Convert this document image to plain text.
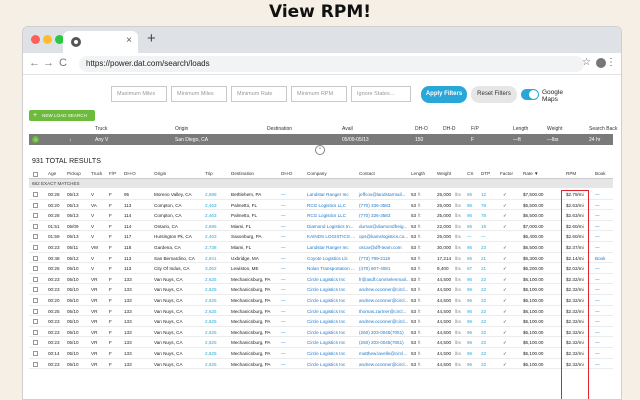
View RPM!
× +
← → C	https://power.dat.com/search/loads	☆ ⋮
Maximum Miles	Minimum Miles	Minimum Rate	Minimum RPM	Ignore States...	Apply Filters	Reset Filters	Google Maps
+ NEW LOAD SEARCH
Truck	Origin	Destination	Avail	DH-O	DH-D	F/P	Length	Weight	Search Back
3	↓	Any V	San Diego, CA	05/09-05/13	150	F	—ft	—lbs	24 hr
⌃
931 TOTAL RESULTS
Age Pickup Truck F/P DH-O	Origin	Trip	Destination	DH-D	Company	Contact	Length	Weight	CS DTP Factor Rate ▼	RPM	Book
682 EXACT MATCHES
00:28 05/13	V	F	95	Moreno Valley, CA	2,688	Bethlehem, PA	—	Landstar Ranger Inc jeffcox@landstarmail... 53 ft	25,000 lbs 95 12	✓	$7,500.00	$2.79/mi —
00:20 05/13	VA	F	113	Compton, CA	2,463	Palmetto, FL	—	RCG Logistics LLC	(770) 336-3583	53 ft	25,000 lbs 96 78	✓	$6,500.00	$2.63/mi —
00:28 05/13	V	F	114	Compton, CA	2,463	Palmetto, FL	—	RCG Logistics LLC	(770) 336-3583	53 ft	25,000 lbs 96 78	✓	$6,500.00	$2.63/mi —
01:51 05/09	V	F	114	Ontario, CA	2,695	Miami, FL	—	Diamond Logistics In... durran@diamondfreig... 53 ft	22,000 lbs 95 19	✓	$7,000.00	$2.60/mi —
01:59 05/13	V	F	117	Huntington Pk, CA	2,463	Saxonburg, PA	—	KAINDS LOGISTICS ... ops@kainslogistics.co... 53 ft	25,000 lbs — —	$6,400.00	$2.60/mi —
00:23 05/11	VM F	118	Gardena, CA	2,738	Miami, FL	—	Landstar Ranger Inc oscar@dff-team.com 53 ft	30,000 lbs 95 23	✓	$6,500.00	$2.37/mi —
00:48 05/12	V	F	113	San Bernardino, CA 2,941	Uxbridge, MA	—	Coyote Logistics Llc (773) 799-2118	53 ft	17,214 lbs 95 21	✓	$6,300.00	$2.14/mi Book
00:25 05/10	V	F	113	City Of Indus, CA	3,062	Lewiston, ME	—	Nolan Transportation ... (470) 607-4081	53 ft	9,400 lbs 97 21	✓	$6,200.00	$2.02/mi —
00:23 05/10	VR	F	133	Van Nuys, CA	2,625	Mechanicsburg, PA —	Circle Logistics Inc	fr@asdf.com/selenmail... 53 ft	44,500 lbs 96 22	✓	$6,100.00	$2.32/mi —
00:23 05/10	VR	F	133	Van Nuys, CA	2,625	Mechanicsburg, PA —	Circle Logistics Inc	andrew.oconner@circl... 53 ft	44,500 lbs 96 22	✓	$6,100.00	$2.32/mi —
00:20 05/10	VR	F	133	Van Nuys, CA	2,625	Mechanicsburg, PA —	Circle Logistics Inc	andrew.oconner@circl... 53 ft	44,500 lbs 96 22	✓	$6,100.00	$2.32/mi —
00:25 05/10	VR	F	133	Van Nuys, CA	2,625	Mechanicsburg, PA —	Circle Logistics Inc	thomas.zartner@circl... 53 ft	44,500 lbs 96 22	✓	$6,100.00	$2.32/mi —
00:23 05/10	VR	F	133	Van Nuys, CA	2,625	Mechanicsburg, PA —	Circle Logistics Inc	andrew.oconner@circl... 53 ft	44,500 lbs 96 22	✓	$6,100.00	$2.32/mi —
00:23 05/10	VR	F	133	Van Nuys, CA	2,625	Mechanicsburg, PA —	Circle Logistics Inc	(260) 203-0045(7051) 53 ft	44,500 lbs 96 22	✓	$6,100.00	$2.32/mi —
00:23 05/10	VR	F	133	Van Nuys, CA	2,625	Mechanicsburg, PA —	Circle Logistics Inc	(260) 203-0045(7051) 53 ft	44,500 lbs 96 22	✓	$6,100.00	$2.32/mi —
00:14 05/10	VR	F	133	Van Nuys, CA	2,625	Mechanicsburg, PA —	Circle Logistics Inc	matthew.lavelle@circl... 53 ft	44,500 lbs 96 22	✓	$6,100.00	$2.32/mi —
00:23 05/10	VR	F	133	Van Nuys, CA	2,625	Mechanicsburg, PA —	Circle Logistics Inc	andrew.oconner@circl... 53 ft	44,500 lbs 96 22	✓	$6,100.00	$2.32/mi —
